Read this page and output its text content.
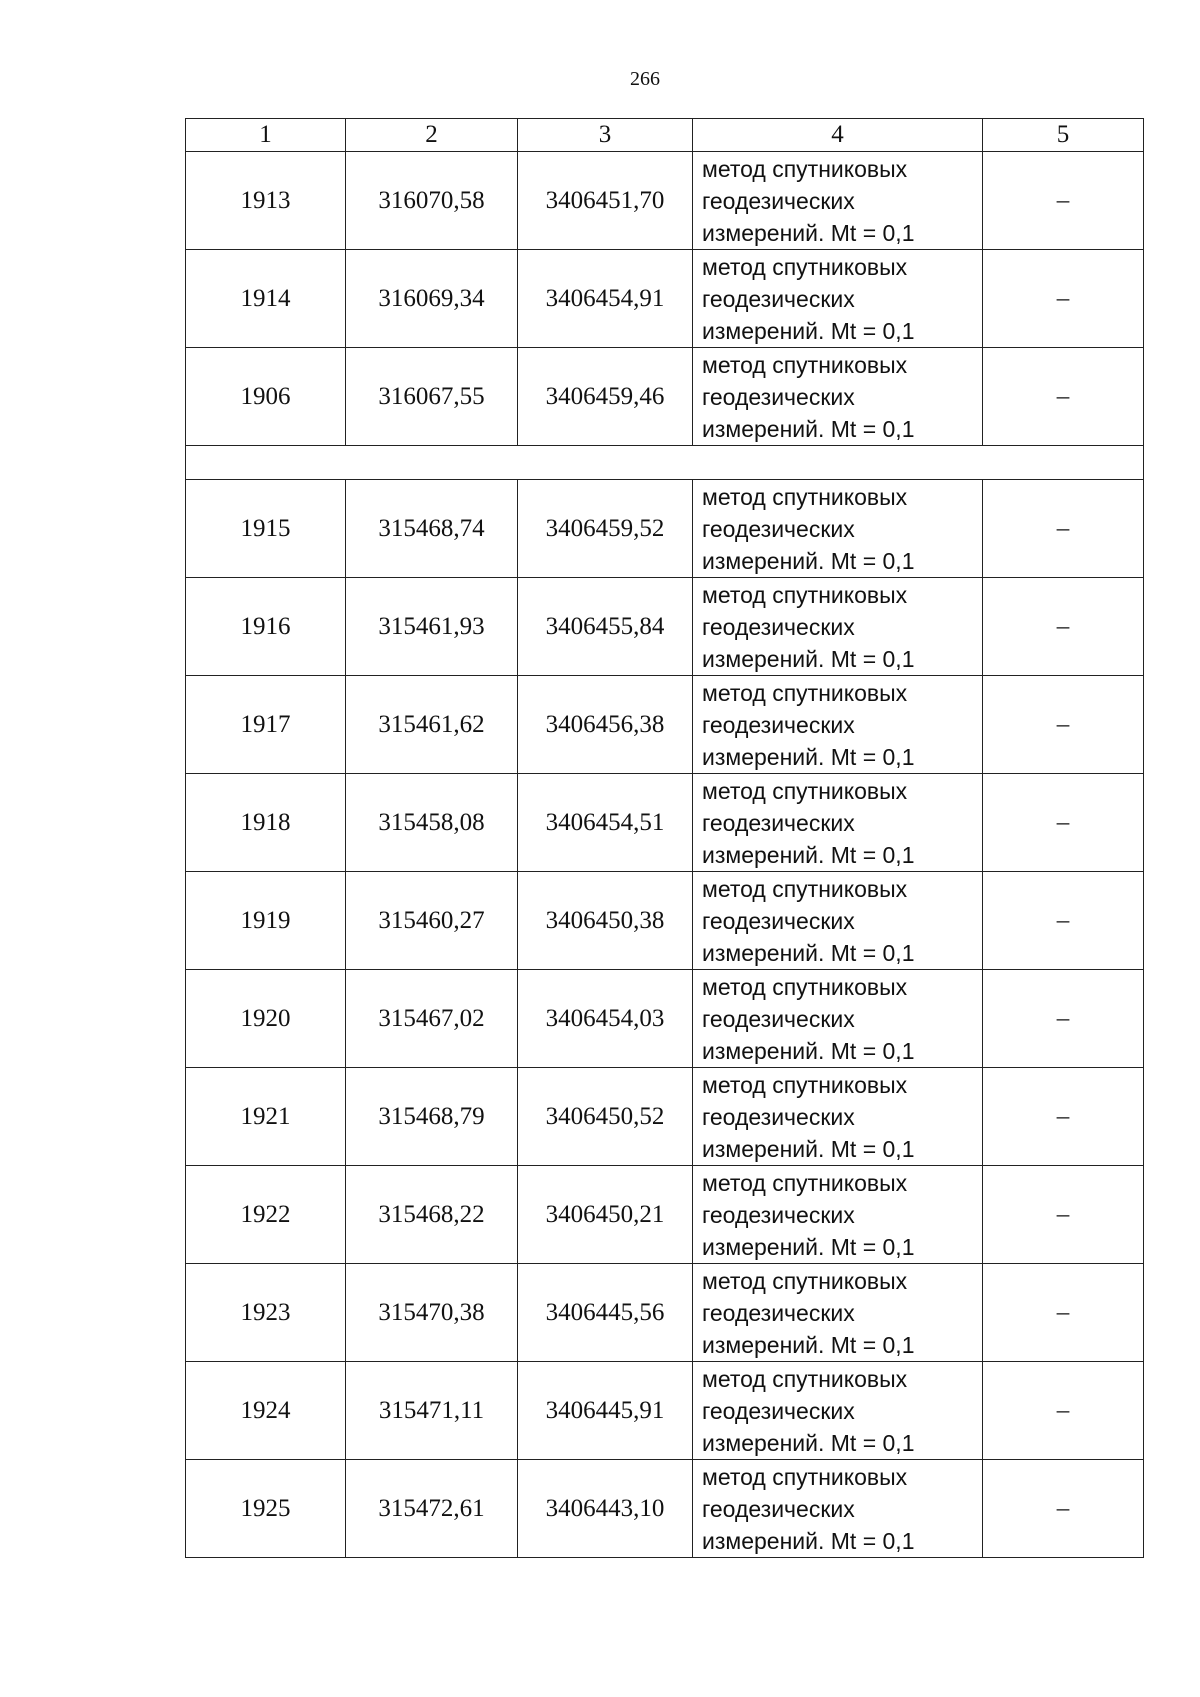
266
1	2	3	4	5
1913	316070,58	3406451,70	метод спутниковых
геодезических
измерений. Mt = 0,1	–
1914	316069,34	3406454,91	метод спутниковых
геодезических
измерений. Mt = 0,1	–
1906	316067,55	3406459,46	метод спутниковых
геодезических
измерений. Mt = 0,1	–

1915	315468,74	3406459,52	метод спутниковых
геодезических
измерений. Mt = 0,1	–
1916	315461,93	3406455,84	метод спутниковых
геодезических
измерений. Mt = 0,1	–
1917	315461,62	3406456,38	метод спутниковых
геодезических
измерений. Mt = 0,1	–
1918	315458,08	3406454,51	метод спутниковых
геодезических
измерений. Mt = 0,1	–
1919	315460,27	3406450,38	метод спутниковых
геодезических
измерений. Mt = 0,1	–
1920	315467,02	3406454,03	метод спутниковых
геодезических
измерений. Mt = 0,1	–
1921	315468,79	3406450,52	метод спутниковых
геодезических
измерений. Mt = 0,1	–
1922	315468,22	3406450,21	метод спутниковых
геодезических
измерений. Mt = 0,1	–
1923	315470,38	3406445,56	метод спутниковых
геодезических
измерений. Mt = 0,1	–
1924	315471,11	3406445,91	метод спутниковых
геодезических
измерений. Mt = 0,1	–
1925	315472,61	3406443,10	метод спутниковых
геодезических
измерений. Mt = 0,1	–
